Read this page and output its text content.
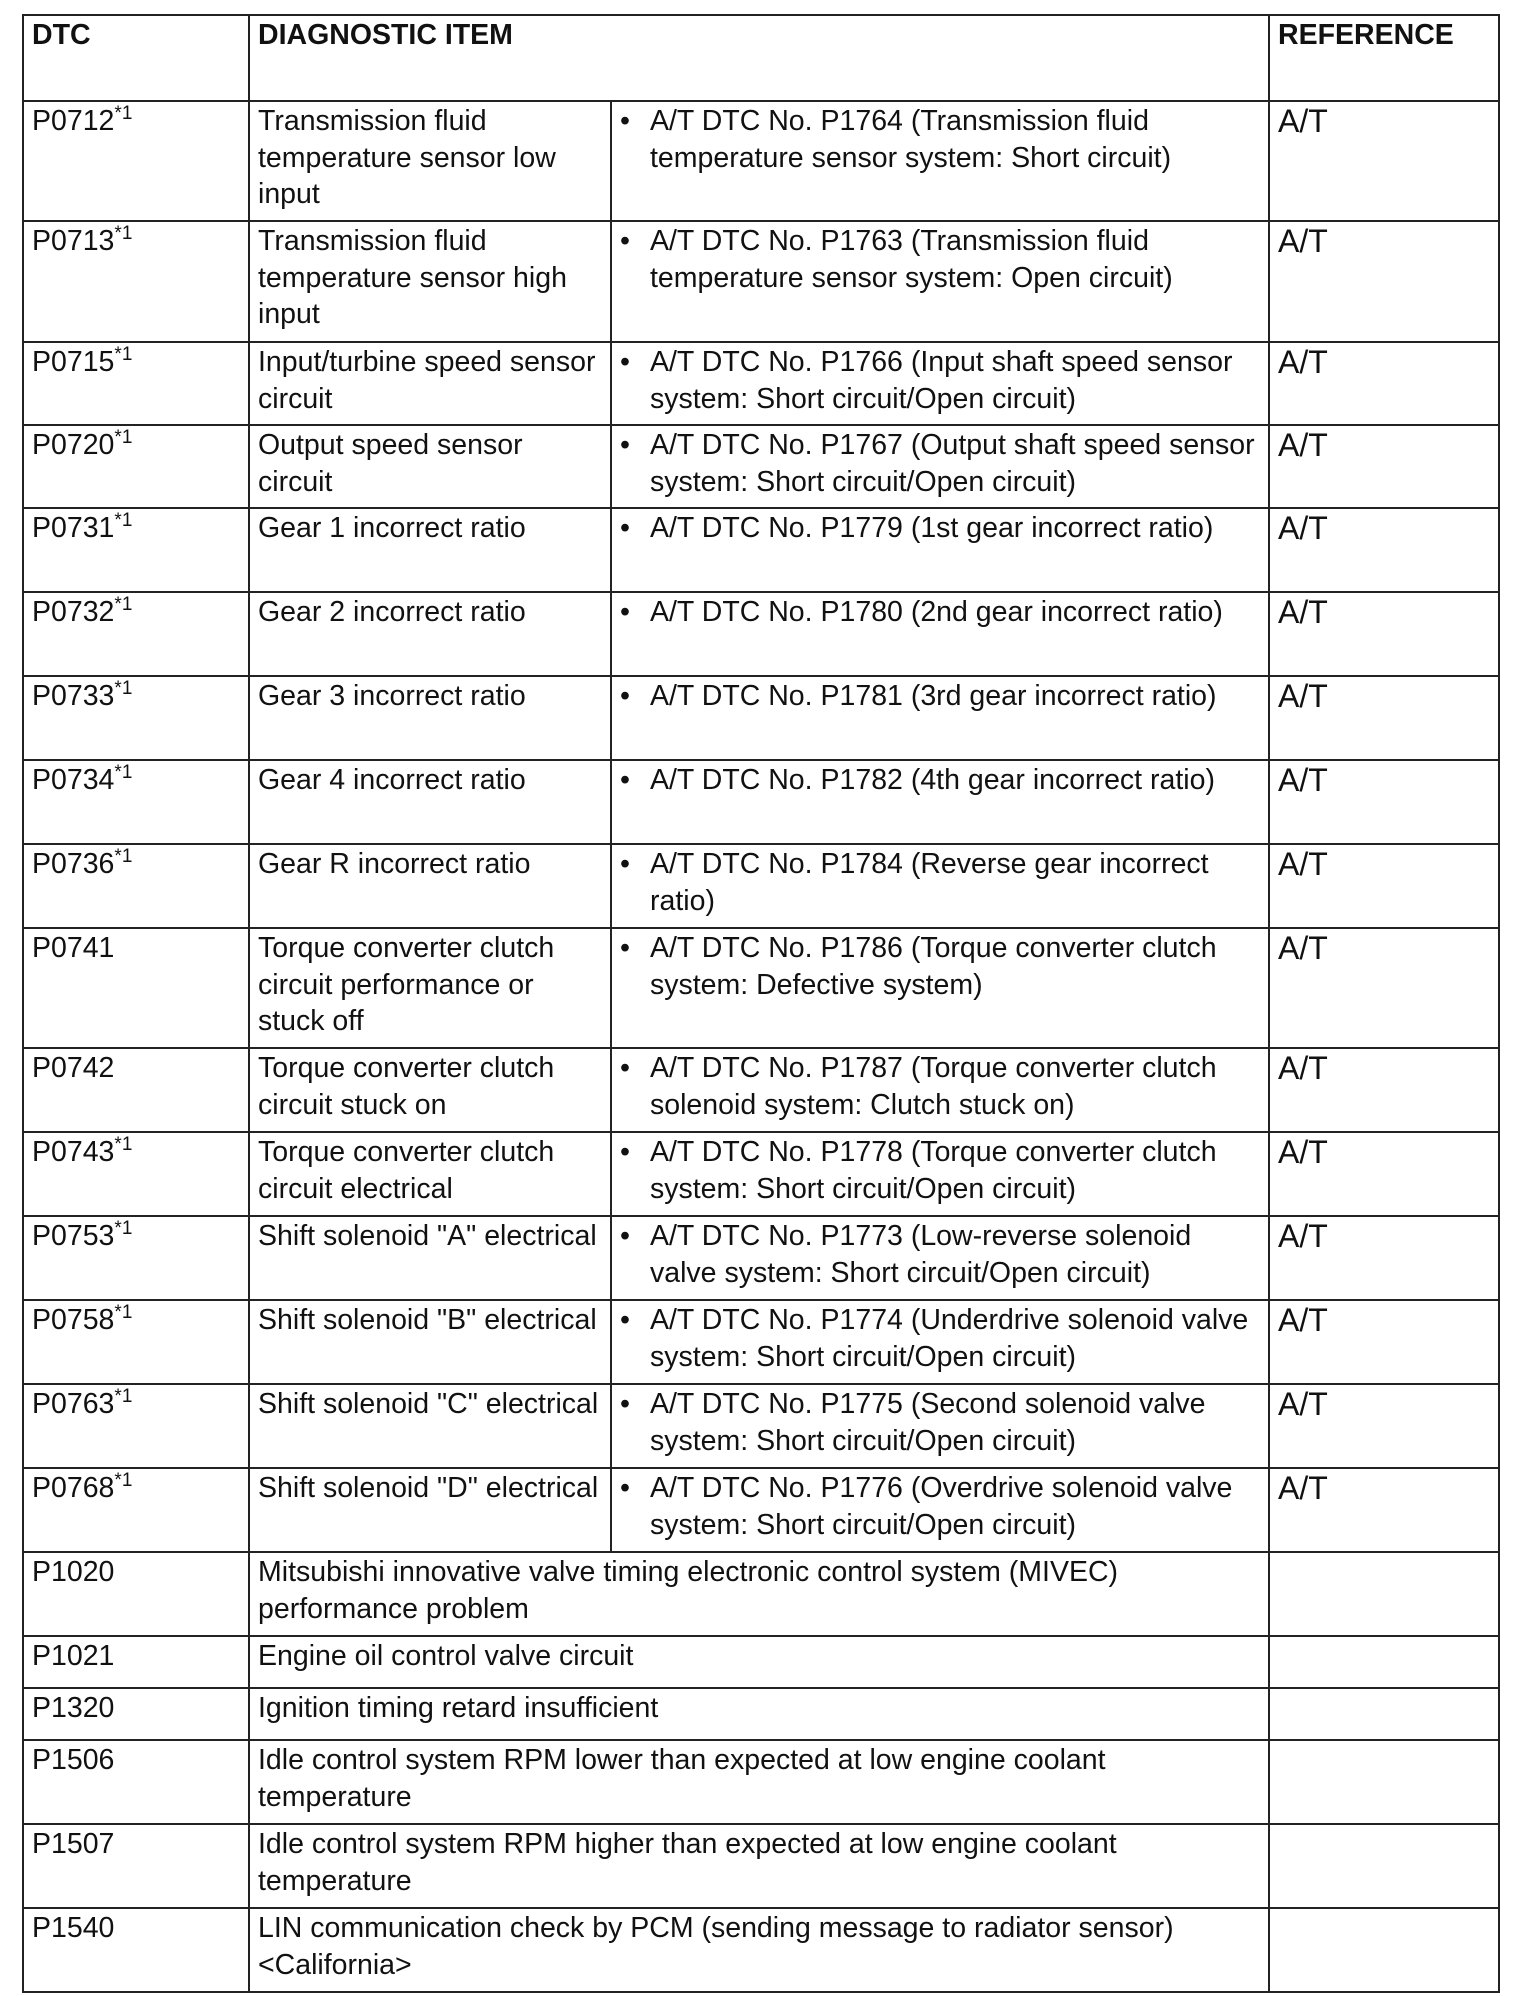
DTC	DIAGNOSTIC ITEM		REFERENCE
P0712$^{*1}$	Transmission fluid temperature sensor low input	• A/T DTC No. P1764 (Transmission fluid temperature sensor system: Short circuit)	A/T
P0713$^{*1}$	Transmission fluid temperature sensor high input	• A/T DTC No. P1763 (Transmission fluid temperature sensor system: Open circuit)	A/T
P0715$^{*1}$	Input/turbine speed sensor circuit	• A/T DTC No. P1766 (Input shaft speed sensor system: Short circuit/Open circuit)	A/T
P0720$^{*1}$	Output speed sensor circuit	• A/T DTC No. P1767 (Output shaft speed sensor system: Short circuit/Open circuit)	A/T
P0731$^{*1}$	Gear 1 incorrect ratio	• A/T DTC No. P1779 (1st gear incorrect ratio)	A/T
P0732$^{*1}$	Gear 2 incorrect ratio	• A/T DTC No. P1780 (2nd gear incorrect ratio)	A/T
P0733$^{*1}$	Gear 3 incorrect ratio	• A/T DTC No. P1781 (3rd gear incorrect ratio)	A/T
P0734$^{*1}$	Gear 4 incorrect ratio	• A/T DTC No. P1782 (4th gear incorrect ratio)	A/T
P0736$^{*1}$	Gear R incorrect ratio	• A/T DTC No. P1784 (Reverse gear incorrect ratio)	A/T
P0741	Torque converter clutch circuit performance or stuck off	• A/T DTC No. P1786 (Torque converter clutch system: Defective system)	A/T
P0742	Torque converter clutch circuit stuck on	• A/T DTC No. P1787 (Torque converter clutch solenoid system: Clutch stuck on)	A/T
P0743$^{*1}$	Torque converter clutch circuit electrical	• A/T DTC No. P1778 (Torque converter clutch system: Short circuit/Open circuit)	A/T
P0753$^{*1}$	Shift solenoid "A" electrical	• A/T DTC No. P1773 (Low-reverse solenoid valve system: Short circuit/Open circuit)	A/T
P0758$^{*1}$	Shift solenoid "B" electrical	• A/T DTC No. P1774 (Underdrive solenoid valve system: Short circuit/Open circuit)	A/T
P0763$^{*1}$	Shift solenoid "C" electrical	• A/T DTC No. P1775 (Second solenoid valve system: Short circuit/Open circuit)	A/T
P0768$^{*1}$	Shift solenoid "D" electrical	• A/T DTC No. P1776 (Overdrive solenoid valve system: Short circuit/Open circuit)	A/T
P1020	Mitsubishi innovative valve timing electronic control system (MIVEC) performance problem		
P1021	Engine oil control valve circuit		
P1320	Ignition timing retard insufficient		
P1506	Idle control system RPM lower than expected at low engine coolant temperature		
P1507	Idle control system RPM higher than expected at low engine coolant temperature		
P1540	LIN communication check by PCM (sending message to radiator sensor) <California>		
